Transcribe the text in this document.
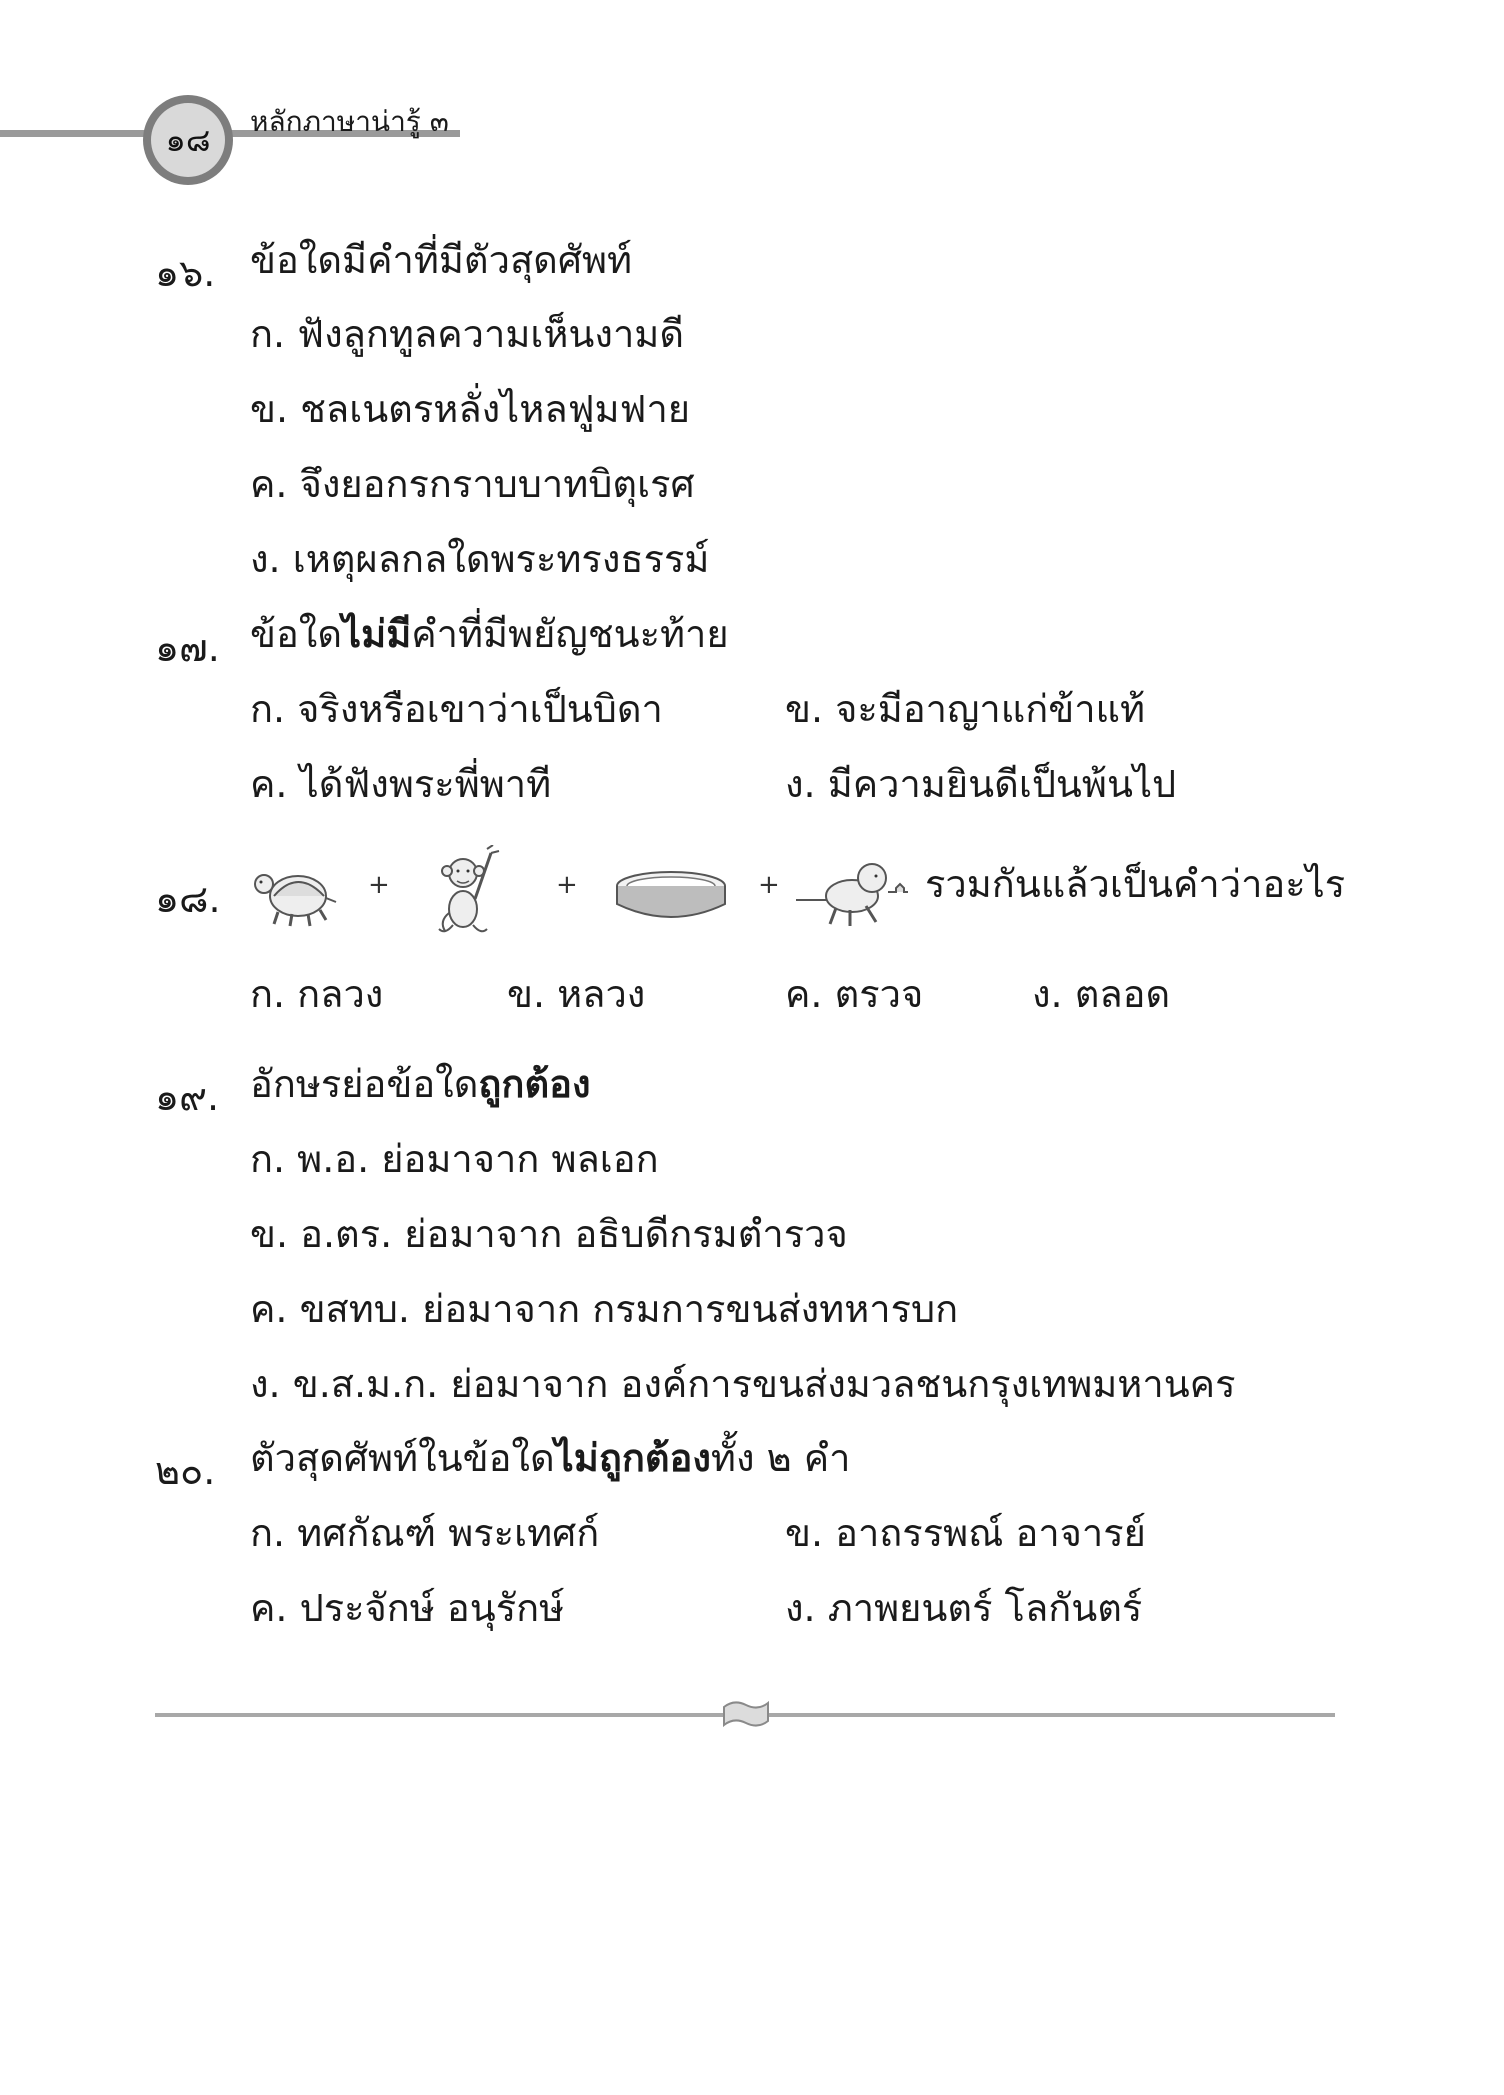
๑๘	หลักภาษาน่ารู้ ๓
๑๖. ข้อใดมีคำที่มีตัวสุดศัพท์
ก. ฟังลูกทูลความเห็นงามดี
ข. ชลเนตรหลั่งไหลฟูมฟาย
ค. จึงยอกรกราบบาทบิตุเรศ
ง. เหตุผลกลใดพระทรงธรรม์
๑๗. ข้อใดไม่มีคำที่มีพยัญชนะท้าย
ก. จริงหรือเขาว่าเป็นบิดา	ข. จะมีอาญาแก่ข้าแท้
ค. ได้ฟังพระพี่พาที	ง. มีความยินดีเป็นพ้นไป
๑๘.	+	+	+	รวมกันแล้วเป็นคำว่าอะไร
ก. กลวง	ข. หลวง	ค. ตรวจ	ง. ตลอด
๑๙. อักษรย่อข้อใดถูกต้อง
ก. พ.อ. ย่อมาจาก พลเอก
ข. อ.ตร. ย่อมาจาก อธิบดีกรมตำรวจ
ค. ขสทบ. ย่อมาจาก กรมการขนส่งทหารบก
ง. ข.ส.ม.ก. ย่อมาจาก องค์การขนส่งมวลชนกรุงเทพมหานคร
๒๐. ตัวสุดศัพท์ในข้อใดไม่ถูกต้องทั้ง ๒ คำ
ก. ทศกัณฑ์ พระเทศก์	ข. อาถรรพณ์ อาจารย์
ค. ประจักษ์ อนุรักษ์	ง. ภาพยนตร์ โลกันตร์
